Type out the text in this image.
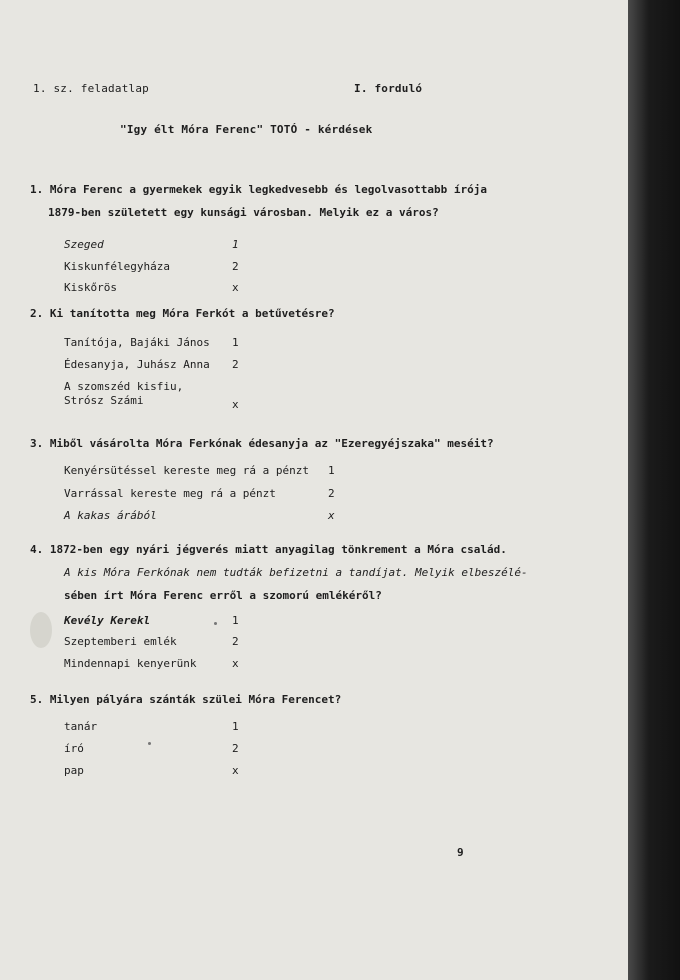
1. sz. feladatlap	I. forduló
"Igy élt Móra Ferenc" TOTÓ - kérdések
1. Móra Ferenc a gyermekek egyik legkedvesebb és legolvasottabb írója
1879-ben született egy kunsági városban. Melyik ez a város?
Szeged	1
Kiskunfélegyháza	2
Kiskőrös	x
2. Ki tanította meg Móra Ferkót a betűvetésre?
Tanítója, Bajáki János 1
Édesanyja, Juhász Anna 2
A szomszéd kisfiu,
Strósz Számi	x
3. Miből vásárolta Móra Ferkónak édesanyja az "Ezeregyéjszaka" meséit?
Kenyérsütéssel kereste meg rá a pénzt 1
Varrással kereste meg rá a pénzt	2
A kakas árából	x
4. 1872-ben egy nyári jégverés miatt anyagilag tönkrement a Móra család.
A kis Móra Ferkónak nem tudták befizetni a tandíjat. Melyik elbeszélé-
sében írt Móra Ferenc erről a szomorú emlékéről?
Kevély Kerekl	1
Szeptemberi emlék	2
Mindennapi kenyerünk	x
5. Milyen pályára szánták szülei Móra Ferencet?
tanár	1
író	2
pap	x
9
